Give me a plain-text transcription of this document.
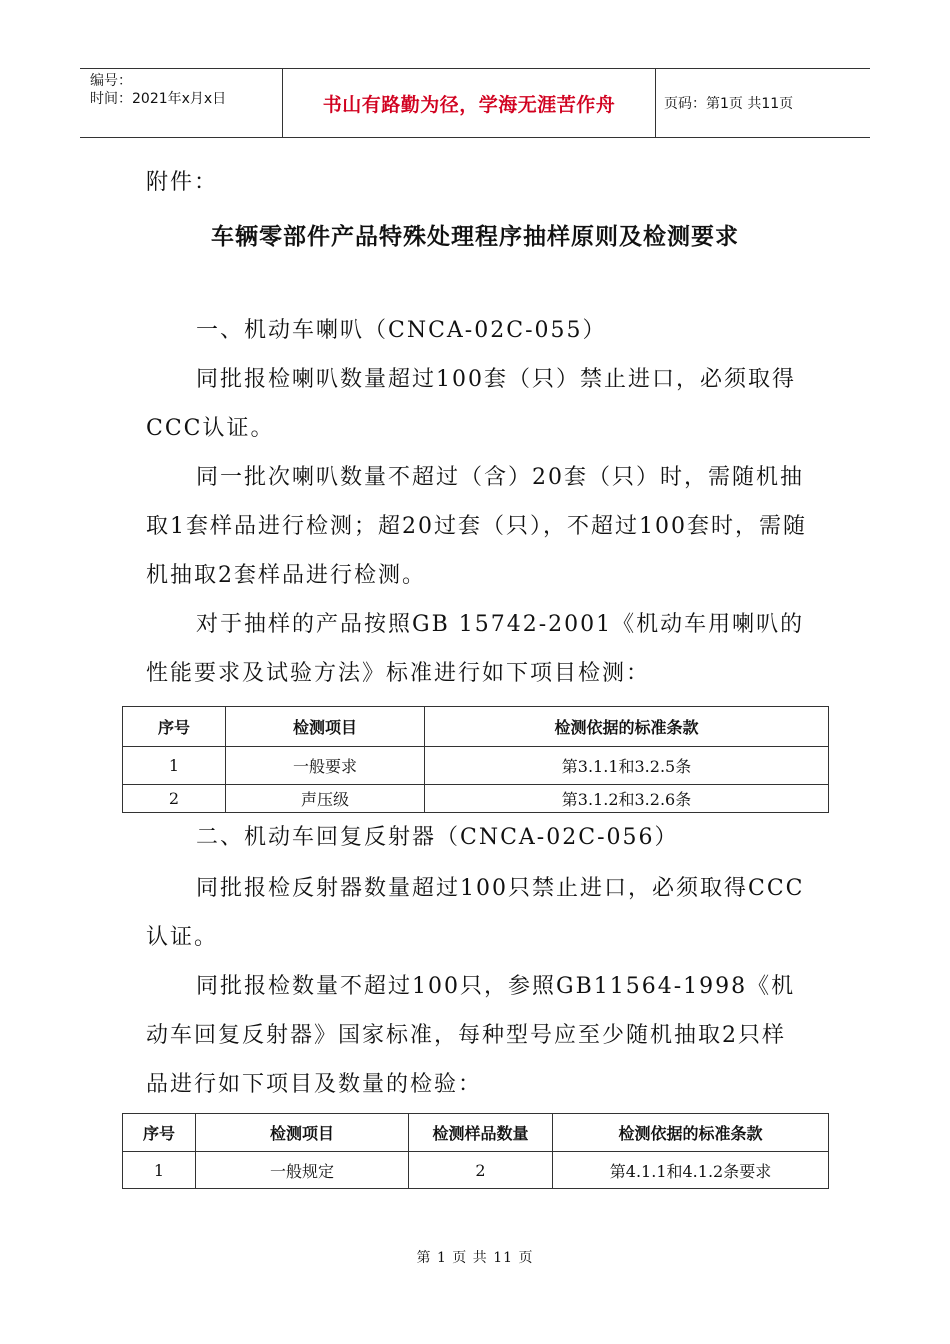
编号：
时间：2021年x月x日	书山有路勤为径，学海无涯苦作舟	页码：第1页 共11页
附件：
车辆零部件产品特殊处理程序抽样原则及检测要求
一、机动车喇叭（CNCA-02C-055）
同批报检喇叭数量超过100套（只）禁止进口，必须取得CCC认证。
同一批次喇叭数量不超过（含）20套（只）时，需随机抽取1套样品进行检测；超20过套（只），不超过100套时，需随机抽取2套样品进行检测。
对于抽样的产品按照GB 15742-2001《机动车用喇叭的性能要求及试验方法》标准进行如下项目检测：
序号	检测项目	检测依据的标准条款
1	一般要求	第3.1.1和3.2.5条
2	声压级	第3.1.2和3.2.6条
二、机动车回复反射器（CNCA-02C-056）
同批报检反射器数量超过100只禁止进口，必须取得CCC认证。
同批报检数量不超过100只，参照GB11564-1998《机动车回复反射器》国家标准，每种型号应至少随机抽取2只样品进行如下项目及数量的检验：
序号	检测项目	检测样品数量	检测依据的标准条款
1	一般规定	2	第4.1.1和4.1.2条要求
第 1 页 共 11 页
